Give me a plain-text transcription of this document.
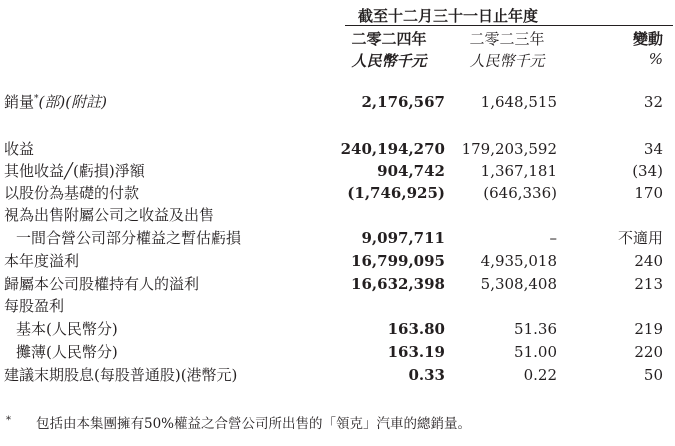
截至十二月三十一日止年度
二零二四年	二零二三年	變動
人民幣千元	人民幣千元	%
銷量*(部)(附註)	2,176,567 1,648,515	32
收益	240,194,270 179,203,592	34
其他收益╱(虧損)淨額	904,742 1,367,181	(34)
以股份為基礎的付款	(1,746,925)	(646,336)	170
視為出售附屬公司之收益及出售
一間合營公司部分權益之暫估虧損	9,097,711	–	不適用
本年度溢利	16,799,095 4,935,018	240
歸屬本公司股權持有人的溢利	16,632,398 5,308,408	213
每股盈利
基本(人民幣分)	163.80	51.36	219
攤薄(人民幣分)	163.19	51.00	220
建議末期股息(每股普通股)(港幣元)	0.33	0.22	50
* 包括由本集團擁有50%權益之合營公司所出售的「領克」汽車的總銷量。
